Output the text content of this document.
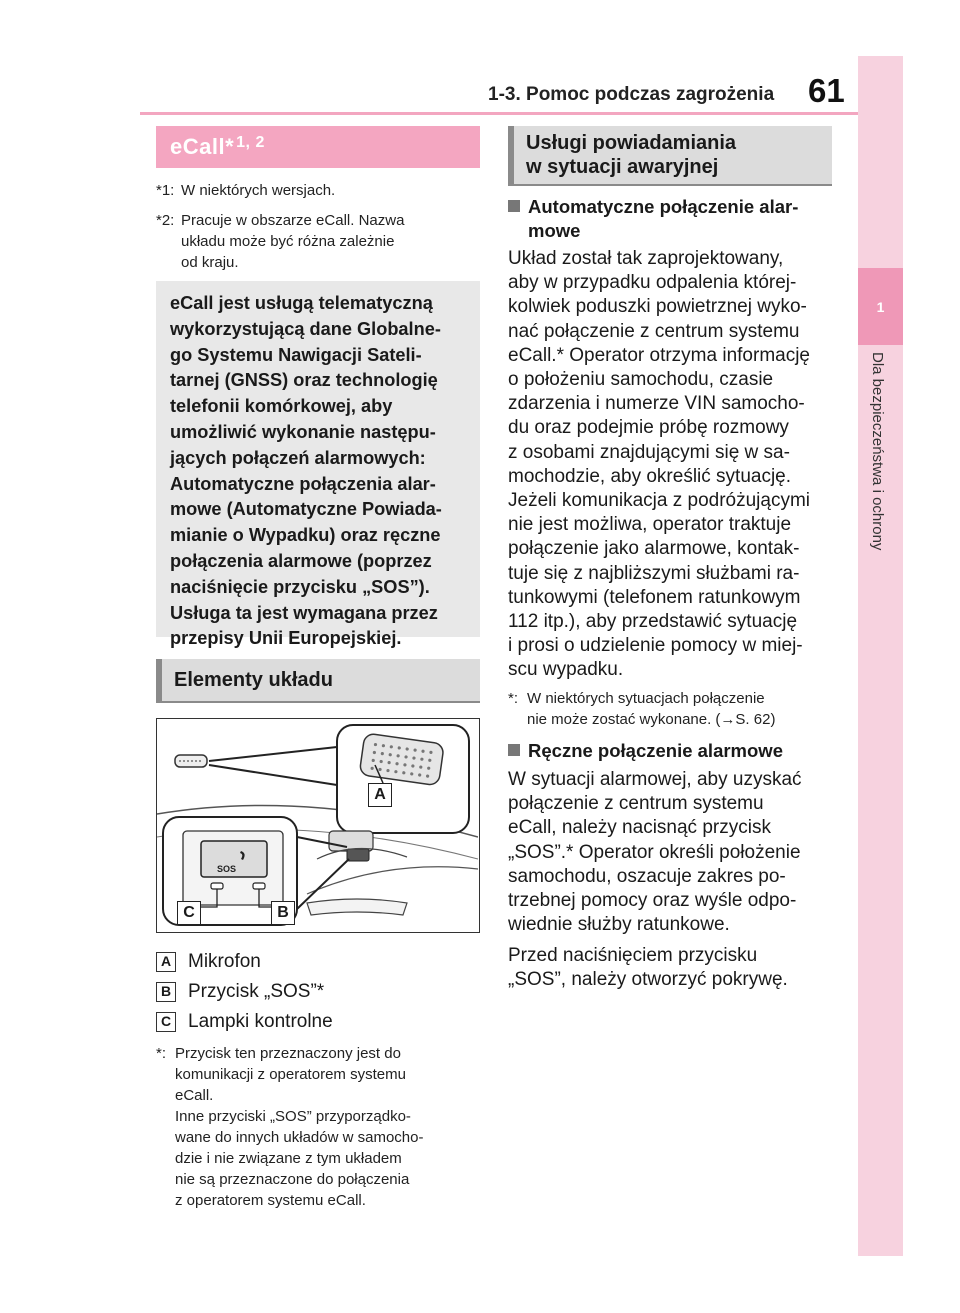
1-3. Pomoc podczas zagrożenia 61
1
Dla bezpieczeństwa i ochrony
eCall*$^{1, 2}$
*1: W niektórych wersjach.
*2: Pracuje w obszarze eCall. Nazwa
układu może być różna zależnie
od kraju.
eCall jest usługą telematyczną
wykorzystującą dane Globalne-
go Systemu Nawigacji Sateli-
tarnej (GNSS) oraz technologię
telefonii komórkowej, aby
umożliwić wykonanie następu-
jących połączeń alarmowych:
Automatyczne połączenia alar-
mowe (Automatyczne Powiada-
mianie o Wypadku) oraz ręczne
połączenia alarmowe (poprzez
naciśnięcie przycisku „SOS”).
Usługa ta jest wymagana przez
przepisy Unii Europejskiej.
Elementy układu
SOS
A
C	B
A Mikrofon
B Przycisk „SOS”*
C Lampki kontrolne
*: Przycisk ten przeznaczony jest do
komunikacji z operatorem systemu
eCall.
Inne przyciski „SOS” przyporządko-
wane do innych układów w samocho-
dzie i nie związane z tym układem
nie są przeznaczone do połączenia
z operatorem systemu eCall.
Usługi powiadamiania
w sytuacji awaryjnej
Automatyczne połączenie alar-
mowe
Układ został tak zaprojektowany,
aby w przypadku odpalenia której-
kolwiek poduszki powietrznej wyko-
nać połączenie z centrum systemu
eCall.* Operator otrzyma informację
o położeniu samochodu, czasie
zdarzenia i numerze VIN samocho-
du oraz podejmie próbę rozmowy
z osobami znajdującymi się w sa-
mochodzie, aby określić sytuację.
Jeżeli komunikacja z podróżującymi
nie jest możliwa, operator traktuje
połączenie jako alarmowe, kontak-
tuje się z najbliższymi służbami ra-
tunkowymi (telefonem ratunkowym
112 itp.), aby przedstawić sytuację
i prosi o udzielenie pomocy w miej-
scu wypadku.
*: W niektórych sytuacjach połączenie
nie może zostać wykonane. (→S. 62)
Ręczne połączenie alarmowe
W sytuacji alarmowej, aby uzyskać
połączenie z centrum systemu
eCall, należy nacisnąć przycisk
„SOS”.* Operator określi położenie
samochodu, oszacuje zakres po-
trzebnej pomocy oraz wyśle odpo-
wiednie służby ratunkowe.
Przed naciśnięciem przycisku
„SOS”, należy otworzyć pokrywę.
